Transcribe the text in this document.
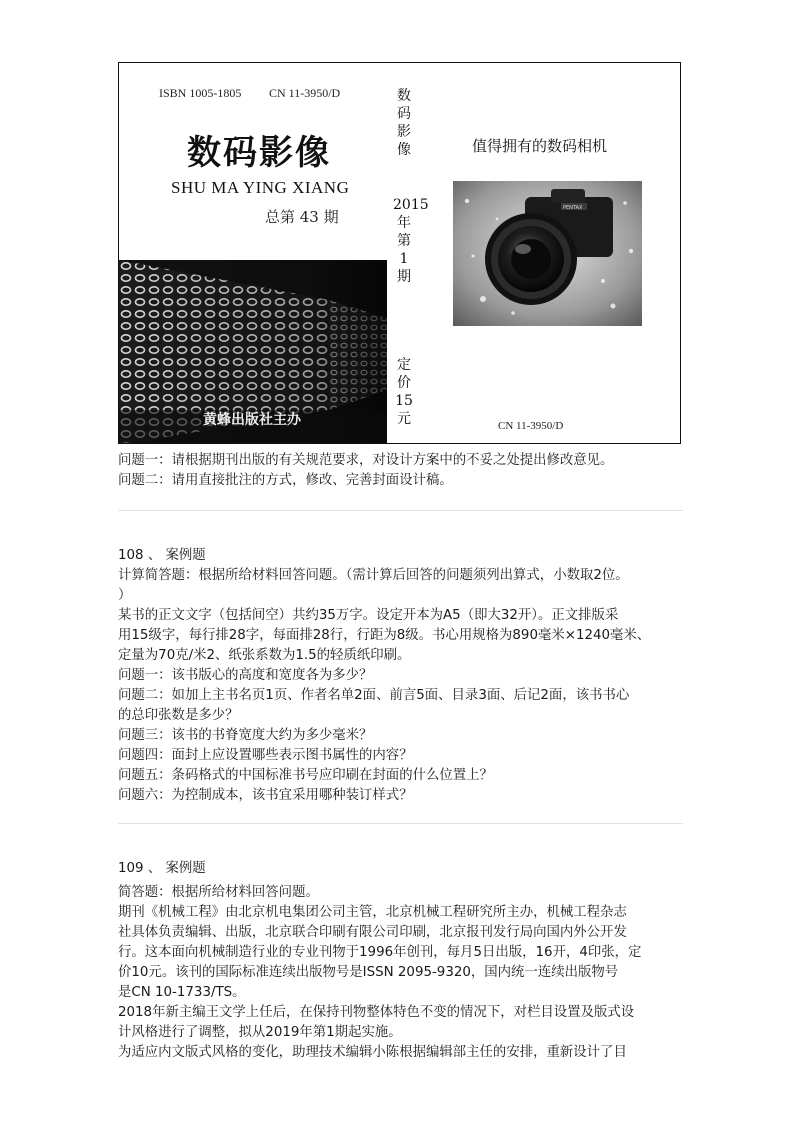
ISBN 1005-1805 CN 11-3950/D
数码影像
SHU MA YING XIANG
总第 43 期
黄蜂出版社主办
数码影像
2015年第1期
定价15元
值得拥有的数码相机
PENTAX
CN 11-3950/D
问题一：请根据期刊出版的有关规范要求，对设计方案中的不妥之处提出修改意见。
问题二：请用直接批注的方式，修改、完善封面设计稿。
108 、 案例题
计算简答题：根据所给材料回答问题。（需计算后回答的问题须列出算式，小数取2位。
）
某书的正文文字（包括间空）共约35万字。设定开本为A5（即大32开）。正文排版采
用15级字，每行排28字，每面排28行，行距为8级。书心用规格为890毫米×1240毫米、
定量为70克/米2、纸张系数为1.5的轻质纸印刷。
问题一：该书版心的高度和宽度各为多少？
问题二：如加上主书名页1页、作者名单2面、前言5面、目录3面、后记2面，该书书心
的总印张数是多少？
问题三：该书的书脊宽度大约为多少毫米？
问题四：面封上应设置哪些表示图书属性的内容？
问题五：条码格式的中国标准书号应印刷在封面的什么位置上？
问题六：为控制成本，该书宜采用哪种装订样式？
109 、 案例题
简答题：根据所给材料回答问题。
期刊《机械工程》由北京机电集团公司主管，北京机械工程研究所主办，机械工程杂志
社具体负责编辑、出版，北京联合印刷有限公司印刷，北京报刊发行局向国内外公开发
行。这本面向机械制造行业的专业刊物于1996年创刊，每月5日出版，16开，4印张，定
价10元。该刊的国际标准连续出版物号是ISSN 2095-9320，国内统一连续出版物号
是CN 10-1733/TS。
2018年新主编王文学上任后，在保持刊物整体特色不变的情况下，对栏目设置及版式设
计风格进行了调整，拟从2019年第1期起实施。
为适应内文版式风格的变化，助理技术编辑小陈根据编辑部主任的安排，重新设计了目
